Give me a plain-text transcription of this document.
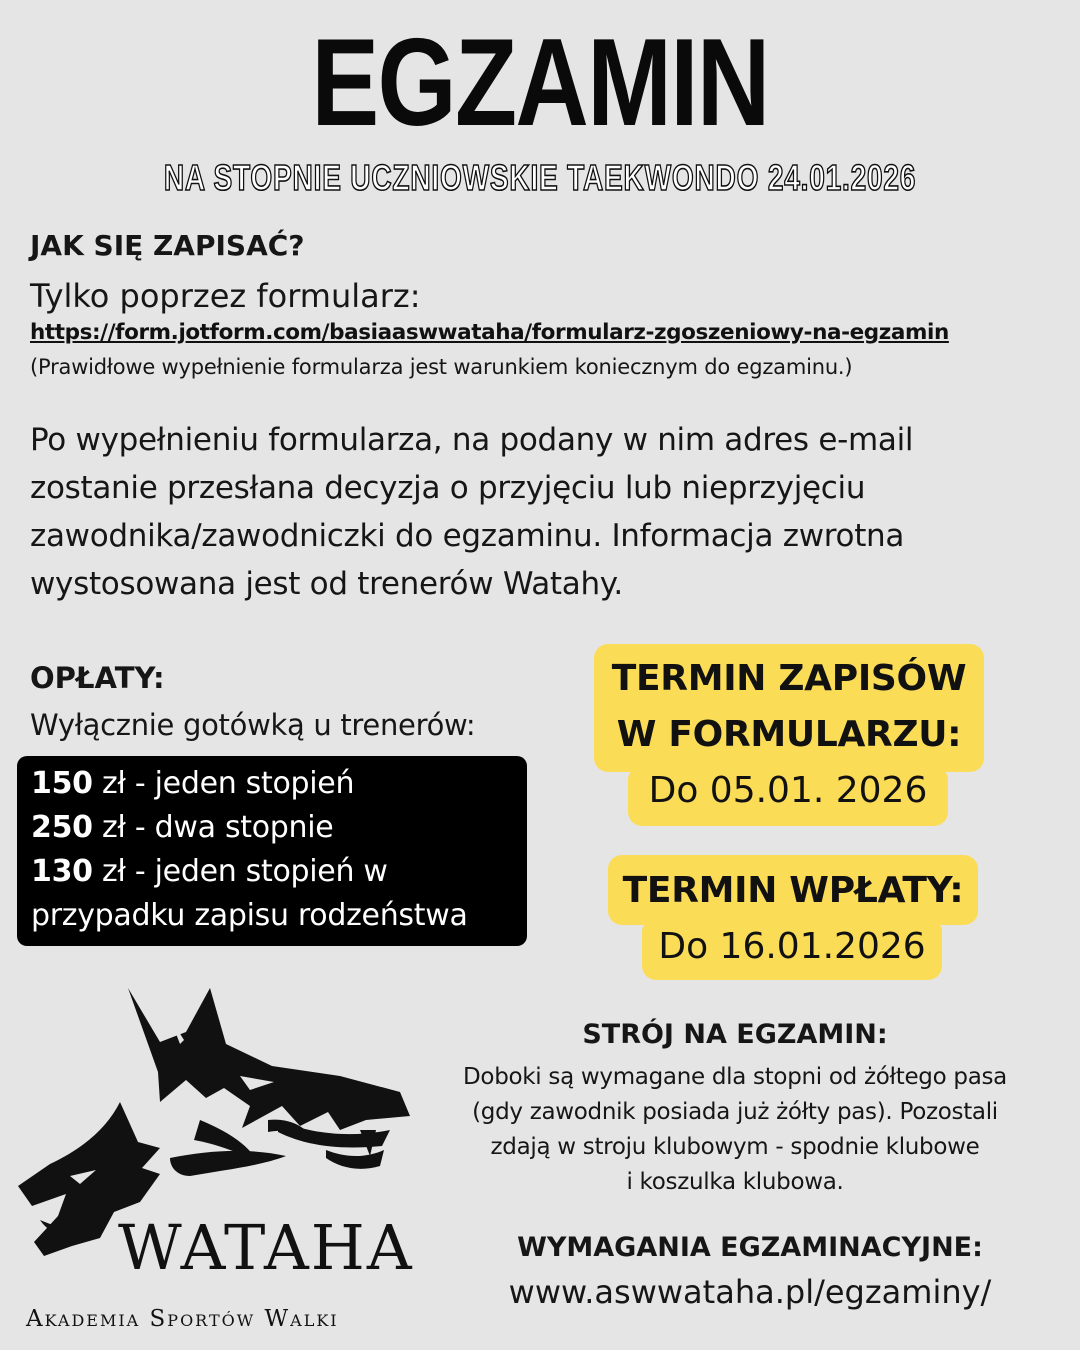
EGZAMIN
NA STOPNIE UCZNIOWSKIE TAEKWONDO 24.01.2026
JAK SIĘ ZAPISAĆ?
Tylko poprzez formularz:
https://form.jotform.com/basiaaswwataha/formularz-zgoszeniowy-na-egzamin
(Prawidłowe wypełnienie formularza jest warunkiem koniecznym do egzaminu.)
Po wypełnieniu formularza, na podany w nim adres e-mail
zostanie przesłana decyzja o przyjęciu lub nieprzyjęciu
zawodnika/zawodniczki do egzaminu. Informacja zwrotna
wystosowana jest od trenerów Watahy.
OPŁATY:
Wyłącznie gotówką u trenerów:
150 zł - jeden stopień
250 zł - dwa stopnie
130 zł - jeden stopień w
przypadku zapisu rodzeństwa
TERMIN ZAPISÓW
W FORMULARZU:
Do 05.01. 2026
TERMIN WPŁATY:
Do 16.01.2026
STRÓJ NA EGZAMIN:
Doboki są wymagane dla stopni od żółtego pasa
(gdy zawodnik posiada już żółty pas). Pozostali
zdają w stroju klubowym - spodnie klubowe
i koszulka klubowa.
WYMAGANIA EGZAMINACYJNE:
www.aswwataha.pl/egzaminy/
WATAHA
Akademia Sportów Walki
